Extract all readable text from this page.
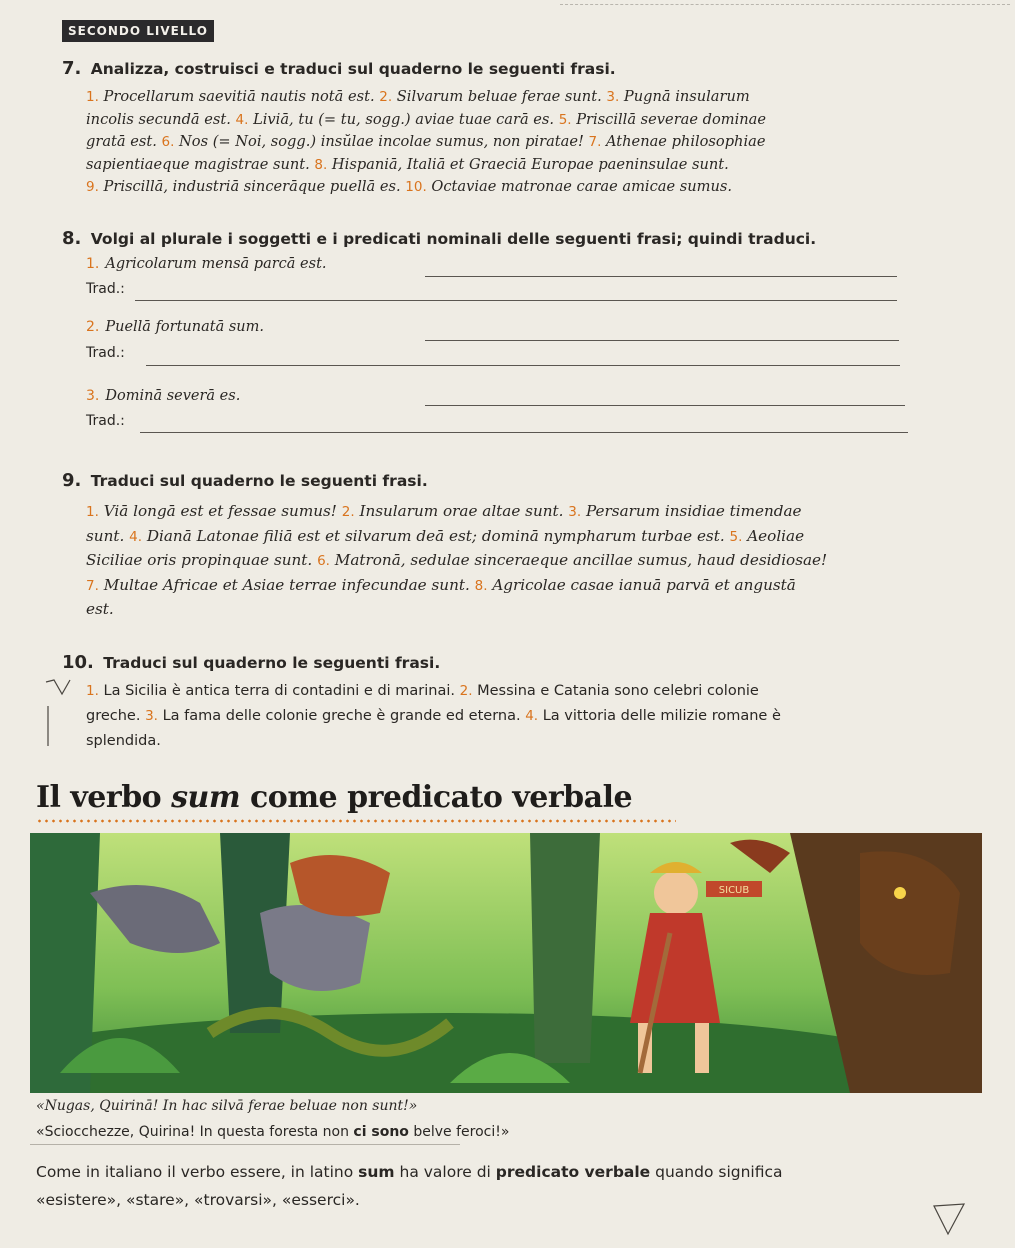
SECONDO LIVELLO
7. Analizza, costruisci e traduci sul quaderno le seguenti frasi.
1. Procellarum saevitiā nautis notā est. 2. Silvarum beluae ferae sunt. 3. Pugnā insularum
incolis secundā est. 4. Liviā, tu (= tu, sogg.) aviae tuae carā es. 5. Priscillā severae dominae
gratā est. 6. Nos (= Noi, sogg.) insŭlae incolae sumus, non piratae! 7. Athenae philosophiae
sapientiaeque magistrae sunt. 8. Hispaniā, Italiā et Graeciā Europae paeninsulae sunt.
9. Priscillā, industriā sincerāque puellā es. 10. Octaviae matronae carae amicae sumus.
8. Volgi al plurale i soggetti e i predicati nominali delle seguenti frasi; quindi traduci.
1. Agricolarum mensā parcā est.
Trad.:
2. Puellā fortunatā sum.
Trad.:
3. Dominā severā es.
Trad.:
9. Traduci sul quaderno le seguenti frasi.
1. Viā longā est et fessae sumus! 2. Insularum orae altae sunt. 3. Persarum insidiae timendae
sunt. 4. Dianā Latonae filiā est et silvarum deā est; dominā nympharum turbae est. 5. Aeoliae
Siciliae oris propinquae sunt. 6. Matronā, sedulae sinceraeque ancillae sumus, haud desidiosae!
7. Multae Africae et Asiae terrae infecundae sunt. 8. Agricolae casae ianuā parvā et angustā
est.
10. Traduci sul quaderno le seguenti frasi.
1. La Sicilia è antica terra di contadini e di marinai. 2. Messina e Catania sono celebri colonie
greche. 3. La fama delle colonie greche è grande ed eterna. 4. La vittoria delle milizie romane è
splendida.
Il verbo sum come predicato verbale
SICUB
«Nugas, Quirinā! In hac silvā ferae beluae non sunt!»
«Sciocchezze, Quirina! In questa foresta non ci sono belve feroci!»
Come in italiano il verbo essere, in latino sum ha valore di predicato verbale quando significa
«esistere», «stare», «trovarsi», «esserci».
